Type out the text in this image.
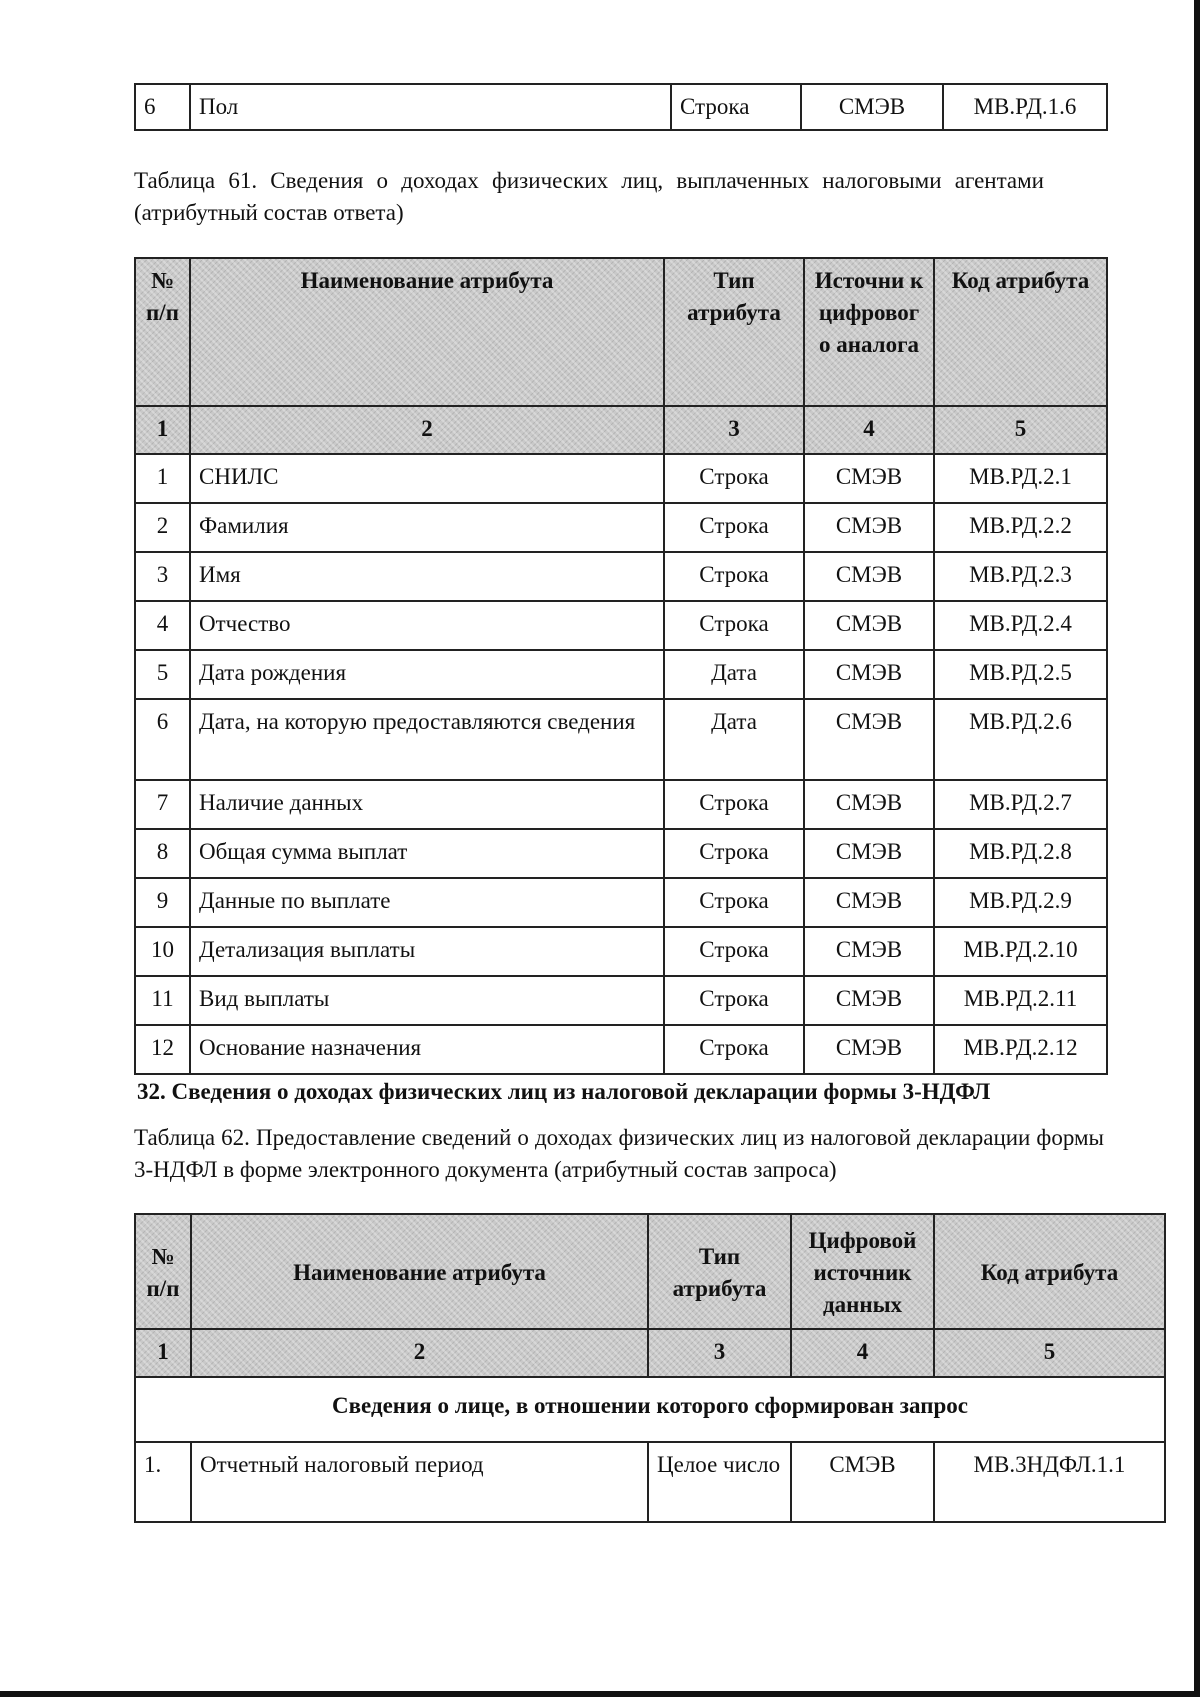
6	Пол	Строка	СМЭВ	МВ.РД.1.6
Таблица 61. Сведения о доходах физических лиц, выплаченных налоговыми агентами (атрибутный состав ответа)
№ п/п	Наименование атрибута	Тип атрибута	Источни к цифровог о аналога	Код атрибута
1	2	3	4	5
1	СНИЛС	Строка	СМЭВ	МВ.РД.2.1
2	Фамилия	Строка	СМЭВ	МВ.РД.2.2
3	Имя	Строка	СМЭВ	МВ.РД.2.3
4	Отчество	Строка	СМЭВ	МВ.РД.2.4
5	Дата рождения	Дата	СМЭВ	МВ.РД.2.5
6	Дата, на которую предоставляются сведения	Дата	СМЭВ	МВ.РД.2.6
7	Наличие данных	Строка	СМЭВ	МВ.РД.2.7
8	Общая сумма выплат	Строка	СМЭВ	МВ.РД.2.8
9	Данные по выплате	Строка	СМЭВ	МВ.РД.2.9
10	Детализация выплаты	Строка	СМЭВ	МВ.РД.2.10
11	Вид выплаты	Строка	СМЭВ	МВ.РД.2.11
12	Основание назначения	Строка	СМЭВ	МВ.РД.2.12
32. Сведения о доходах физических лиц из налоговой декларации формы 3-НДФЛ
Таблица 62. Предоставление сведений о доходах физических лиц из налоговой декларации формы 3-НДФЛ в форме электронного документа (атрибутный состав запроса)
№ п/п	Наименование атрибута	Тип атрибута	Цифровой источник данных	Код атрибута
1	2	3	4	5
Сведения о лице, в отношении которого сформирован запрос				
1.	Отчетный налоговый период	Целое число	СМЭВ	МВ.3НДФЛ.1.1
